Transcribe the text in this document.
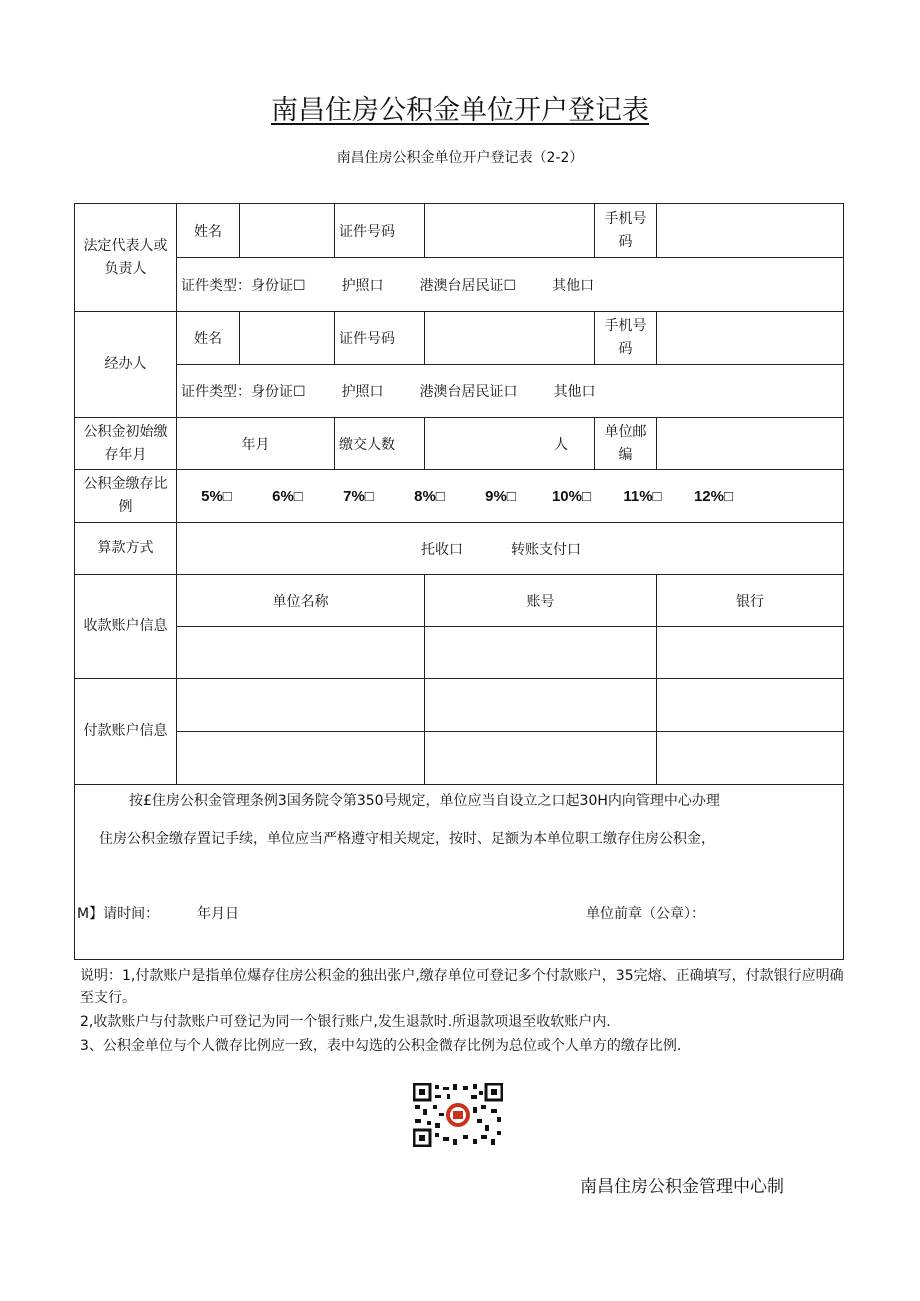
南昌住房公积金单位开户登记表
南昌住房公积金单位开户登记表（2-2）
法定代表人或负责人	姓名		证件号码		手机号码	
	证件类型：身份证☐ 护照口 港澳台居民证☐ 其他口					
经办人	姓名		证件号码		手机号码	
	证件类型：身份证☐ 护照口 港澳台居民证口 其他口					
公积金初始缴存年月	年月		缴交人数	人	单位邮编	
公积金缴存比例	5%□ 6%□ 7%□ 8%□ 9%□ 10%□ 11%□ 12%□					
算款方式	托收口 转账支付口					
收款账户信息	单位名称			账号		银行

付款账户信息						

按£住房公积金管理条例3国务院令第350号规定，单位应当自设立之口起30H内向管理中心办理

住房公积金缴存置记手续，单位应当严格遵守相关规定，按时、足额为本单位职工缴存住房公积金，

M】请时间： 年月日 单位前章（公章）：						

说明：1,付款账户是指单位爆存住房公积金的独出张户,缴存单位可登记多个付款账户，35完熔、正确填写，付款银行应明确至支行。

2,收款账户与付款账户可登记为同一个银行账户,发生退款时.所退款项退至收软账户内.

3、公积金单位与个人微存比例应一致，表中勾选的公积金微存比例为总位或个人单方的缴存比例.

南昌住房公积金管理中心制
